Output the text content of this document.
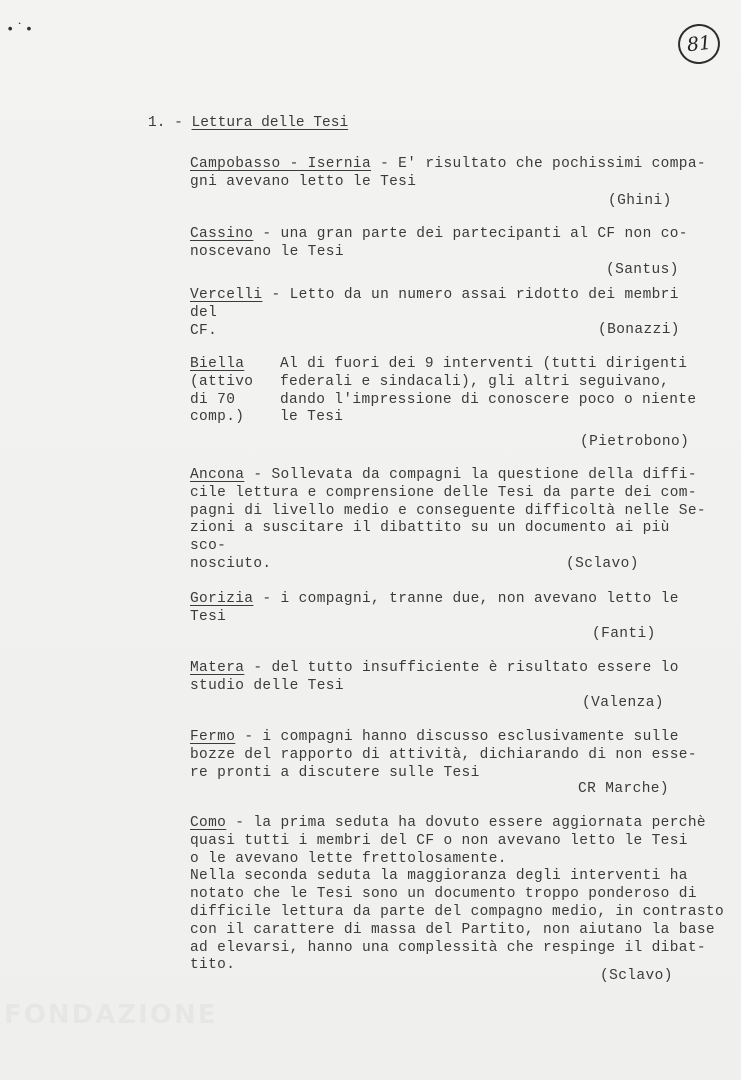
•˙•
81
1. - Lettura delle Tesi
Campobasso - Isernia - E' risultato che pochissimi compa-
gni avevano letto le Tesi
(Ghini)
Cassino - una gran parte dei partecipanti al CF non co-
noscevano le Tesi
(Santus)
Vercelli - Letto da un numero assai ridotto dei membri del
CF.	(Bonazzi)
Biella
(attivo
di 70
comp.)
Al di fuori dei 9 interventi (tutti dirigenti
federali e sindacali), gli altri seguivano,
dando l'impressione di conoscere poco o niente
le Tesi
(Pietrobono)
Ancona - Sollevata da compagni la questione della diffi-
cile lettura e comprensione delle Tesi da parte dei com-
pagni di livello medio e conseguente difficoltà nelle Se-
zioni a suscitare il dibattito su un documento ai più sco-
nosciuto.	(Sclavo)
Gorizia - i compagni, tranne due, non avevano letto le
Tesi
(Fanti)
Matera - del tutto insufficiente è risultato essere lo
studio delle Tesi
(Valenza)
Fermo - i compagni hanno discusso esclusivamente sulle
bozze del rapporto di attività, dichiarando di non esse-
re pronti a discutere sulle Tesi
CR Marche)
Como - la prima seduta ha dovuto essere aggiornata perchè
quasi tutti i membri del CF o non avevano letto le Tesi
o le avevano lette frettolosamente.
Nella seconda seduta la maggioranza degli interventi ha
notato che le Tesi sono un documento troppo ponderoso di
difficile lettura da parte del compagno medio, in contrasto
con il carattere di massa del Partito, non aiutano la base
ad elevarsi, hanno una complessità che respinge il dibat-
tito.
(Sclavo)
